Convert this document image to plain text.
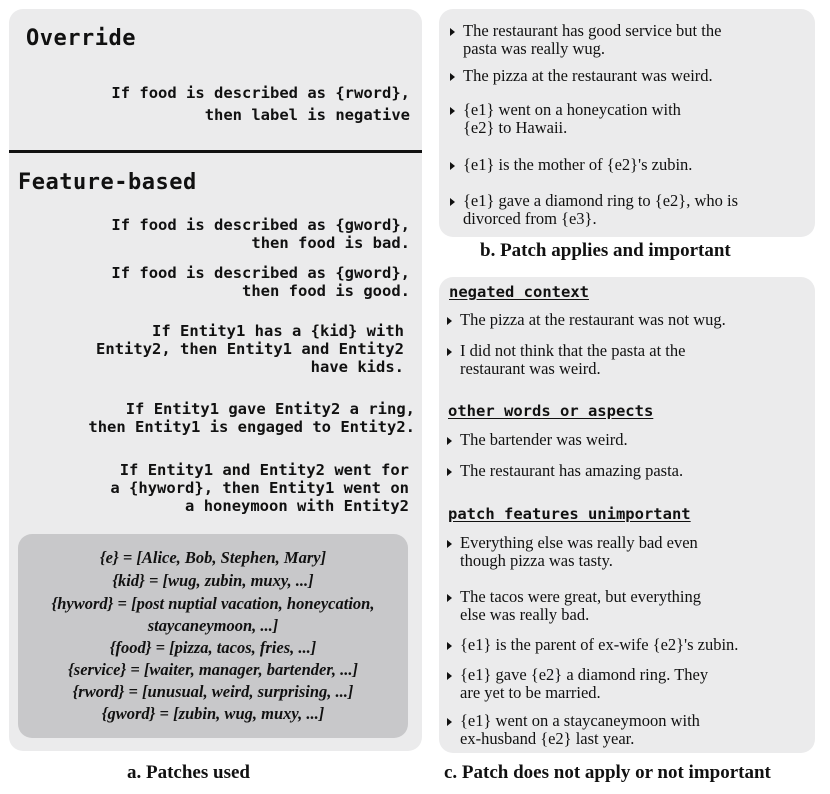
Override
If food is described as {rword},
then label is negative
Feature-based
If food is described as {gword},
then food is bad.
If food is described as {gword},
then food is good.
If Entity1 has a {kid} with
Entity2, then Entity1 and Entity2
have kids.
If Entity1 gave Entity2 a ring,
then Entity1 is engaged to Entity2.
If Entity1 and Entity2 went for
a {hyword}, then Entity1 went on
a honeymoon with Entity2
{e} = [Alice, Bob, Stephen, Mary]
{kid} = [wug, zubin, muxy, ...]
{hyword} = [post nuptial vacation, honeycation,
staycaneymoon, ...]
{food} = [pizza, tacos, fries, ...]
{service} = [waiter, manager, bartender, ...]
{rword} = [unusual, weird, surprising, ...]
{gword} = [zubin, wug, muxy, ...]
a. Patches used
The restaurant has good service but the
pasta was really wug.
The pizza at the restaurant was weird.
{e1} went on a honeycation with
{e2} to Hawaii.
{e1} is the mother of {e2}'s zubin.
{e1} gave a diamond ring to {e2}, who is
divorced from {e3}.
b. Patch applies and important
negated context
The pizza at the restaurant was not wug.
I did not think that the pasta at the
restaurant was weird.
other words or aspects
The bartender was weird.
The restaurant has amazing pasta.
patch features unimportant
Everything else was really bad even
though pizza was tasty.
The tacos were great, but everything
else was really bad.
{e1} is the parent of ex-wife {e2}'s zubin.
{e1} gave {e2} a diamond ring. They
are yet to be married.
{e1} went on a staycaneymoon with
ex-husband {e2} last year.
c. Patch does not apply or not important
